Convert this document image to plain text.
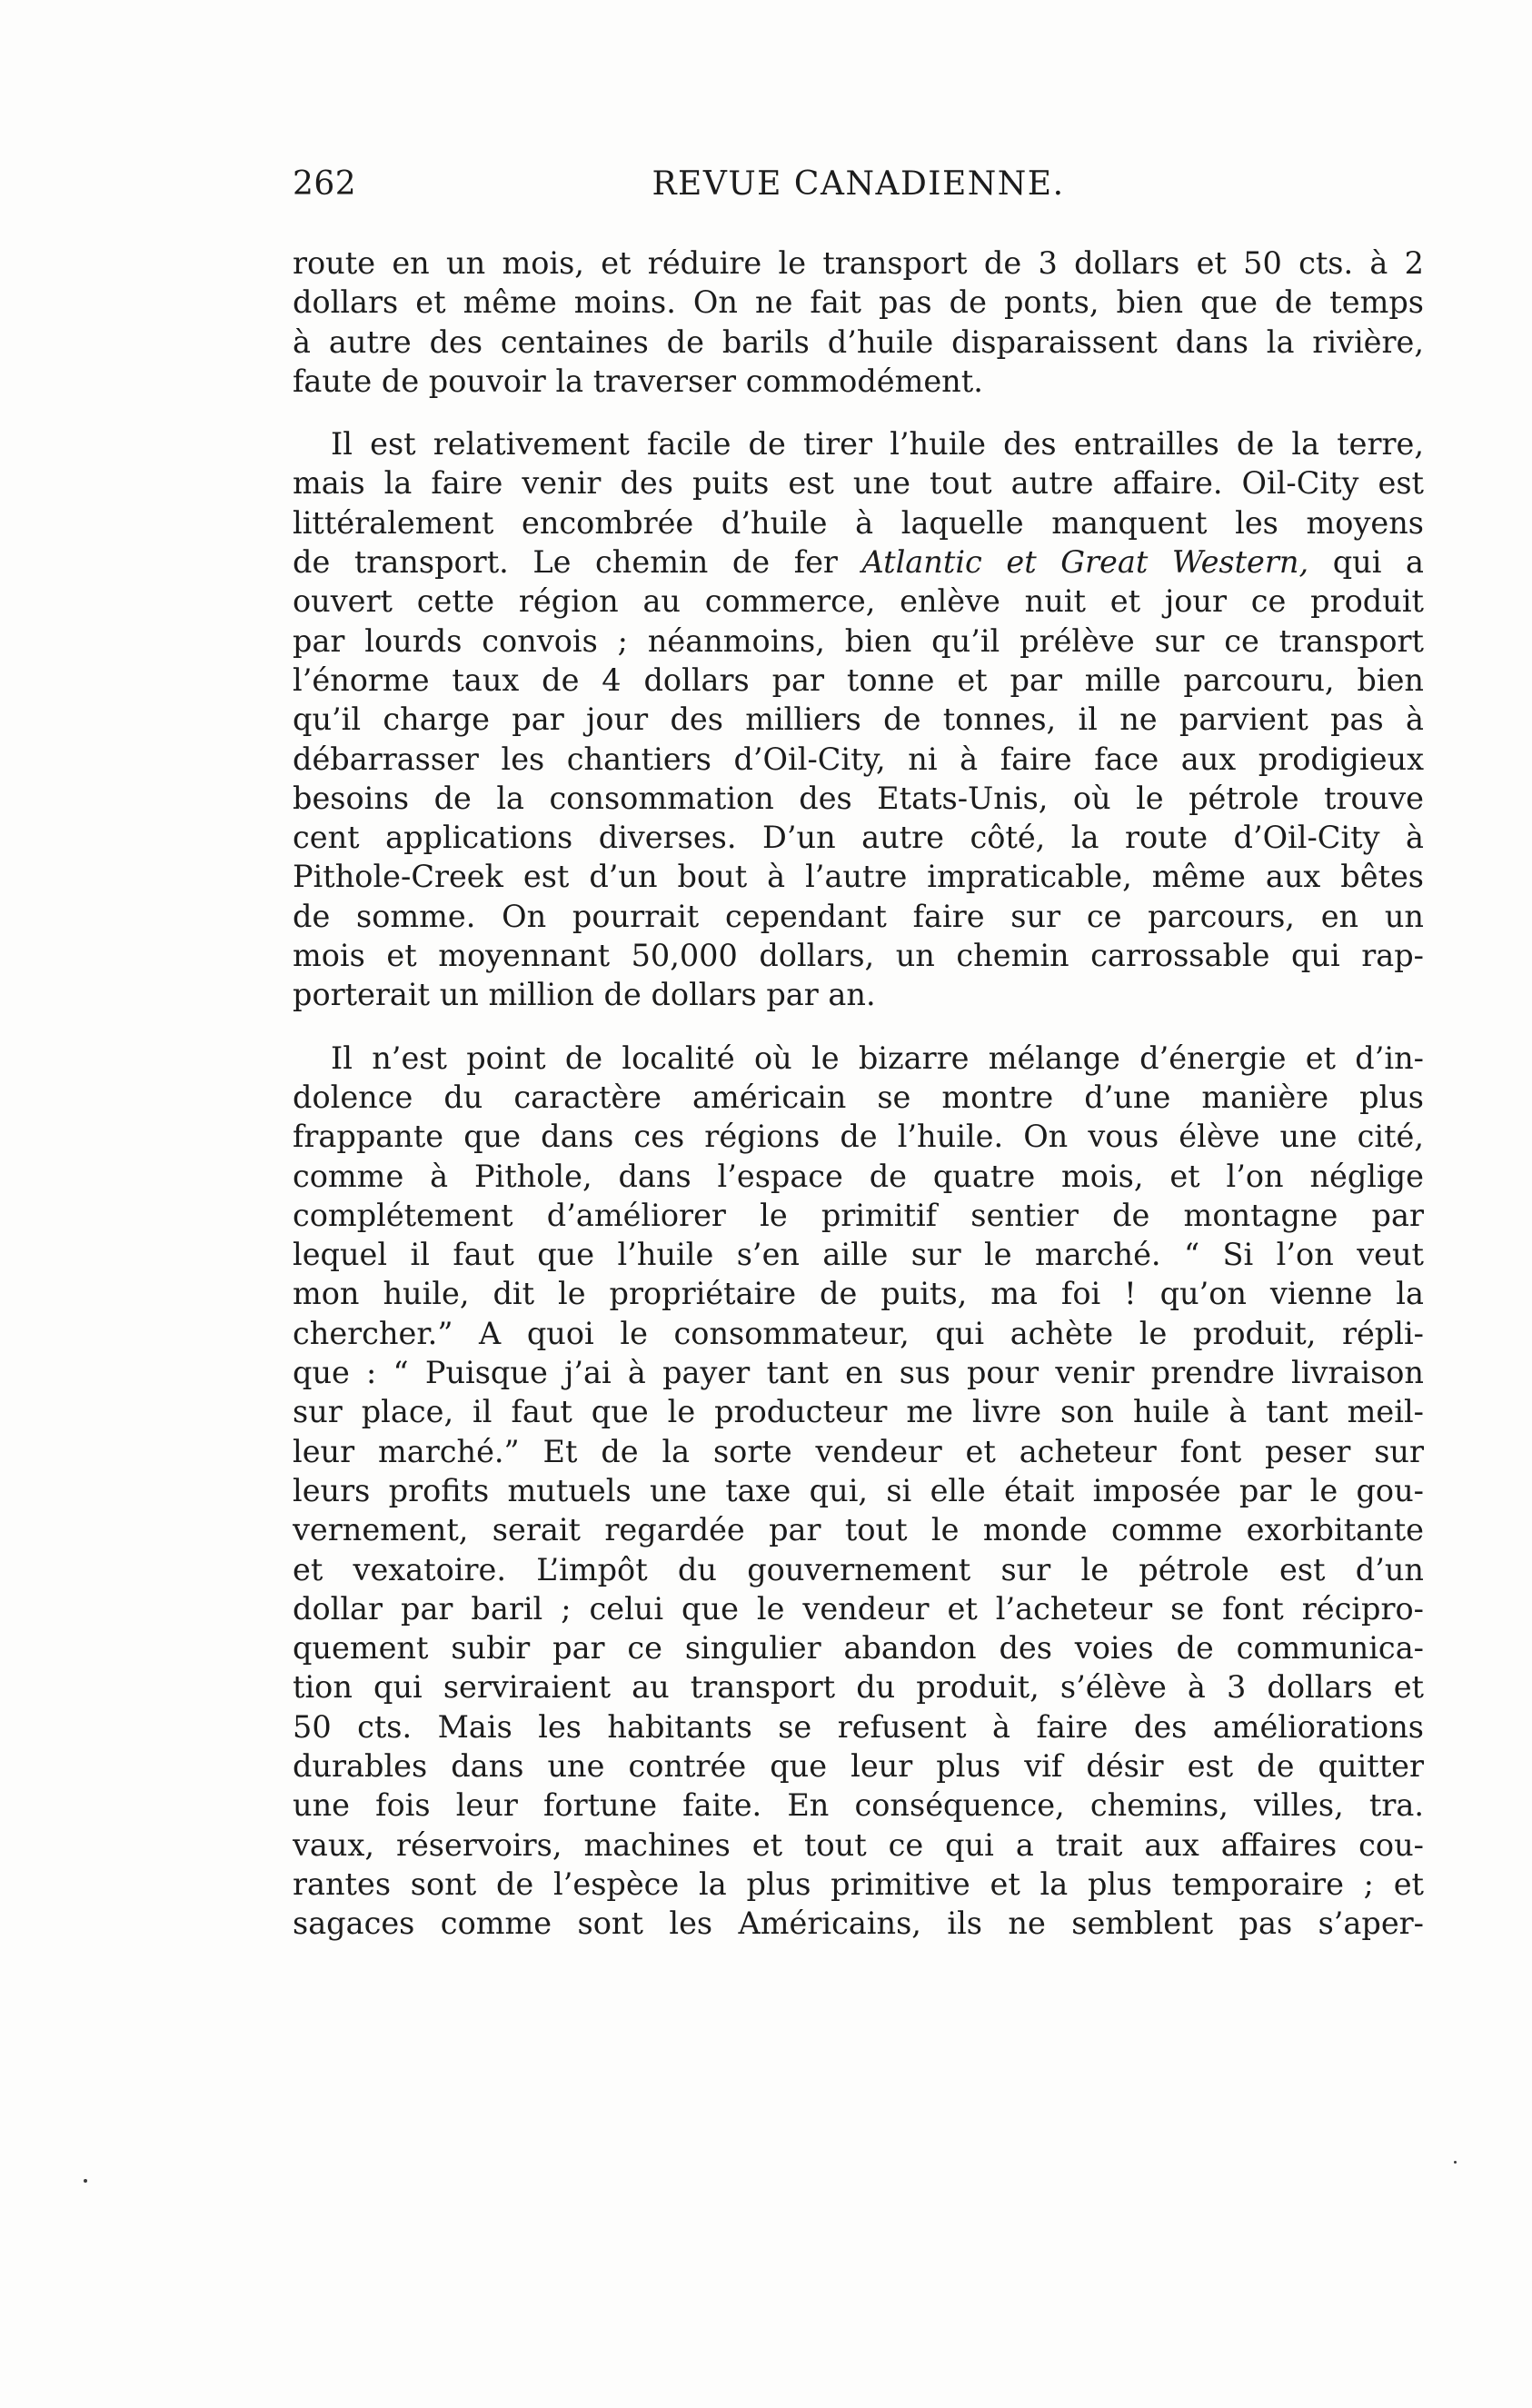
262	REVUE CANADIENNE.
route en un mois, et réduire le transport de 3 dollars et 50 cts. à 2
dollars et même moins. On ne fait pas de ponts, bien que de temps
à autre des centaines de barils d’huile disparaissent dans la rivière,
faute de pouvoir la traverser commodément.
Il est relativement facile de tirer l’huile des entrailles de la terre,
mais la faire venir des puits est une tout autre affaire. Oil-City est
littéralement encombrée d’huile à laquelle manquent les moyens
de transport. Le chemin de fer Atlantic et Great Western, qui a
ouvert cette région au commerce, enlève nuit et jour ce produit
par lourds convois ; néanmoins, bien qu’il prélève sur ce transport
l’énorme taux de 4 dollars par tonne et par mille parcouru, bien
qu’il charge par jour des milliers de tonnes, il ne parvient pas à
débarrasser les chantiers d’Oil-City, ni à faire face aux prodigieux
besoins de la consommation des Etats-Unis, où le pétrole trouve
cent applications diverses. D’un autre côté, la route d’Oil-City à
Pithole-Creek est d’un bout à l’autre impraticable, même aux bêtes
de somme. On pourrait cependant faire sur ce parcours, en un
mois et moyennant 50,000 dollars, un chemin carrossable qui rap-
porterait un million de dollars par an.
Il n’est point de localité où le bizarre mélange d’énergie et d’in-
dolence du caractère américain se montre d’une manière plus
frappante que dans ces régions de l’huile. On vous élève une cité,
comme à Pithole, dans l’espace de quatre mois, et l’on néglige
complétement d’améliorer le primitif sentier de montagne par
lequel il faut que l’huile s’en aille sur le marché. “ Si l’on veut
mon huile, dit le propriétaire de puits, ma foi ! qu’on vienne la
chercher.” A quoi le consommateur, qui achète le produit, répli-
que : “ Puisque j’ai à payer tant en sus pour venir prendre livraison
sur place, il faut que le producteur me livre son huile à tant meil-
leur marché.” Et de la sorte vendeur et acheteur font peser sur
leurs profits mutuels une taxe qui, si elle était imposée par le gou-
vernement, serait regardée par tout le monde comme exorbitante
et vexatoire. L’impôt du gouvernement sur le pétrole est d’un
dollar par baril ; celui que le vendeur et l’acheteur se font récipro-
quement subir par ce singulier abandon des voies de communica-
tion qui serviraient au transport du produit, s’élève à 3 dollars et
50 cts. Mais les habitants se refusent à faire des améliorations
durables dans une contrée que leur plus vif désir est de quitter
une fois leur fortune faite. En conséquence, chemins, villes, tra.
vaux, réservoirs, machines et tout ce qui a trait aux affaires cou-
rantes sont de l’espèce la plus primitive et la plus temporaire ; et
sagaces comme sont les Américains, ils ne semblent pas s’aper-
